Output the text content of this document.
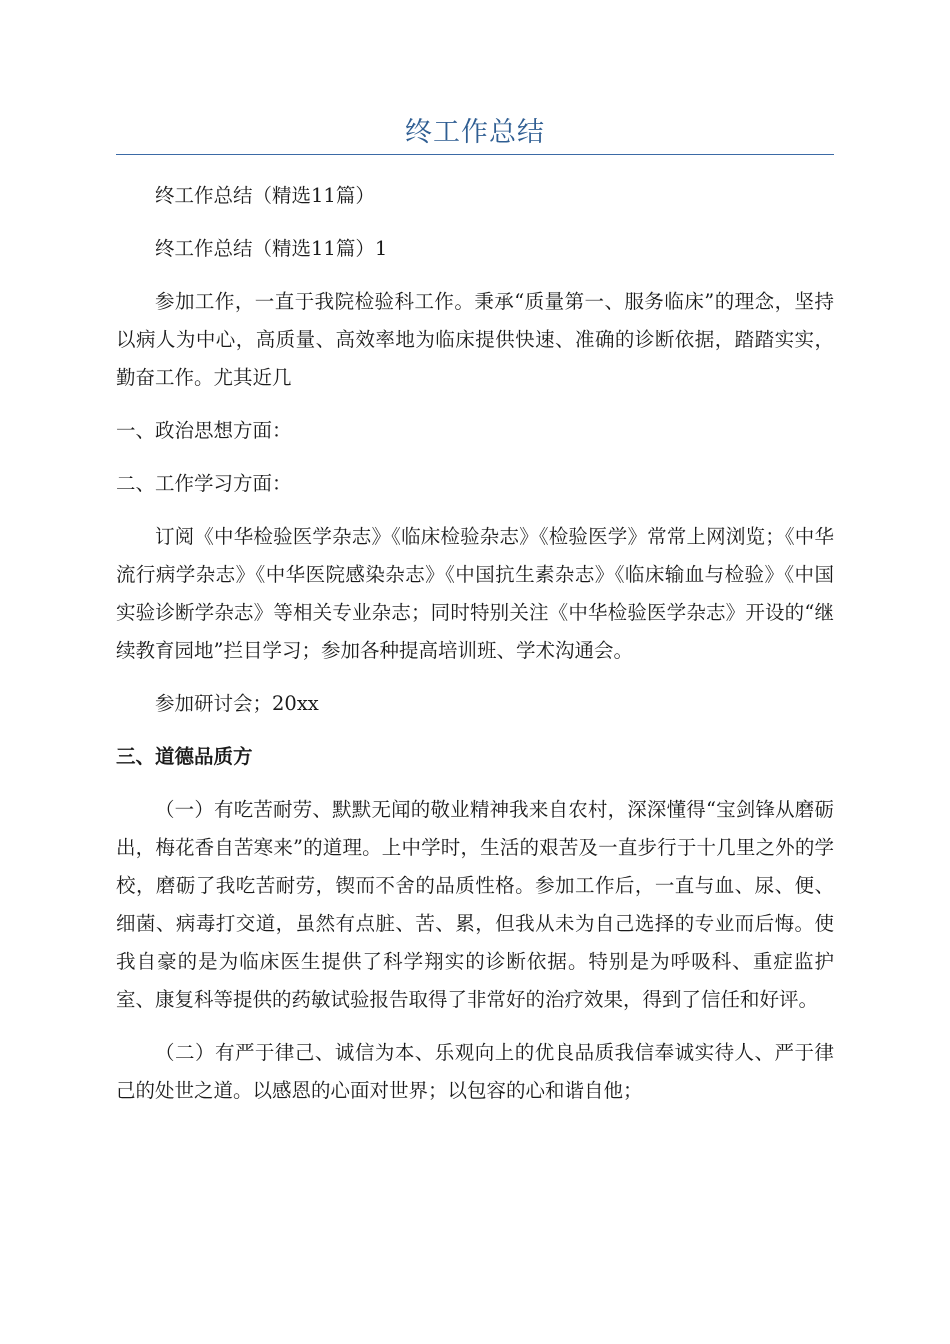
终工作总结

终工作总结（精选11篇）

终工作总结（精选11篇）1

参加工作，一直于我院检验科工作。秉承“质量第一、服务临床”的理念，坚持以病人为中心，高质量、高效率地为临床提供快速、准确的诊断依据，踏踏实实，勤奋工作。尤其近几

一、政治思想方面：

二、工作学习方面：

订阅《中华检验医学杂志》《临床检验杂志》《检验医学》常常上网浏览；《中华流行病学杂志》《中华医院感染杂志》《中国抗生素杂志》《临床输血与检验》《中国实验诊断学杂志》等相关专业杂志；同时特别关注《中华检验医学杂志》开设的“继续教育园地”拦目学习；参加各种提高培训班、学术沟通会。

参加研讨会；20xx

三、道德品质方

（一）有吃苦耐劳、默默无闻的敬业精神我来自农村，深深懂得“宝剑锋从磨砺出，梅花香自苦寒来”的道理。上中学时，生活的艰苦及一直步行于十几里之外的学校，磨砺了我吃苦耐劳，锲而不舍的品质性格。参加工作后，一直与血、尿、便、细菌、病毒打交道，虽然有点脏、苦、累，但我从未为自己选择的专业而后悔。使我自豪的是为临床医生提供了科学翔实的诊断依据。特别是为呼吸科、重症监护室、康复科等提供的药敏试验报告取得了非常好的治疗效果，得到了信任和好评。

（二）有严于律己、诚信为本、乐观向上的优良品质我信奉诚实待人、严于律己的处世之道。以感恩的心面对世界；以包容的心和谐自他；
